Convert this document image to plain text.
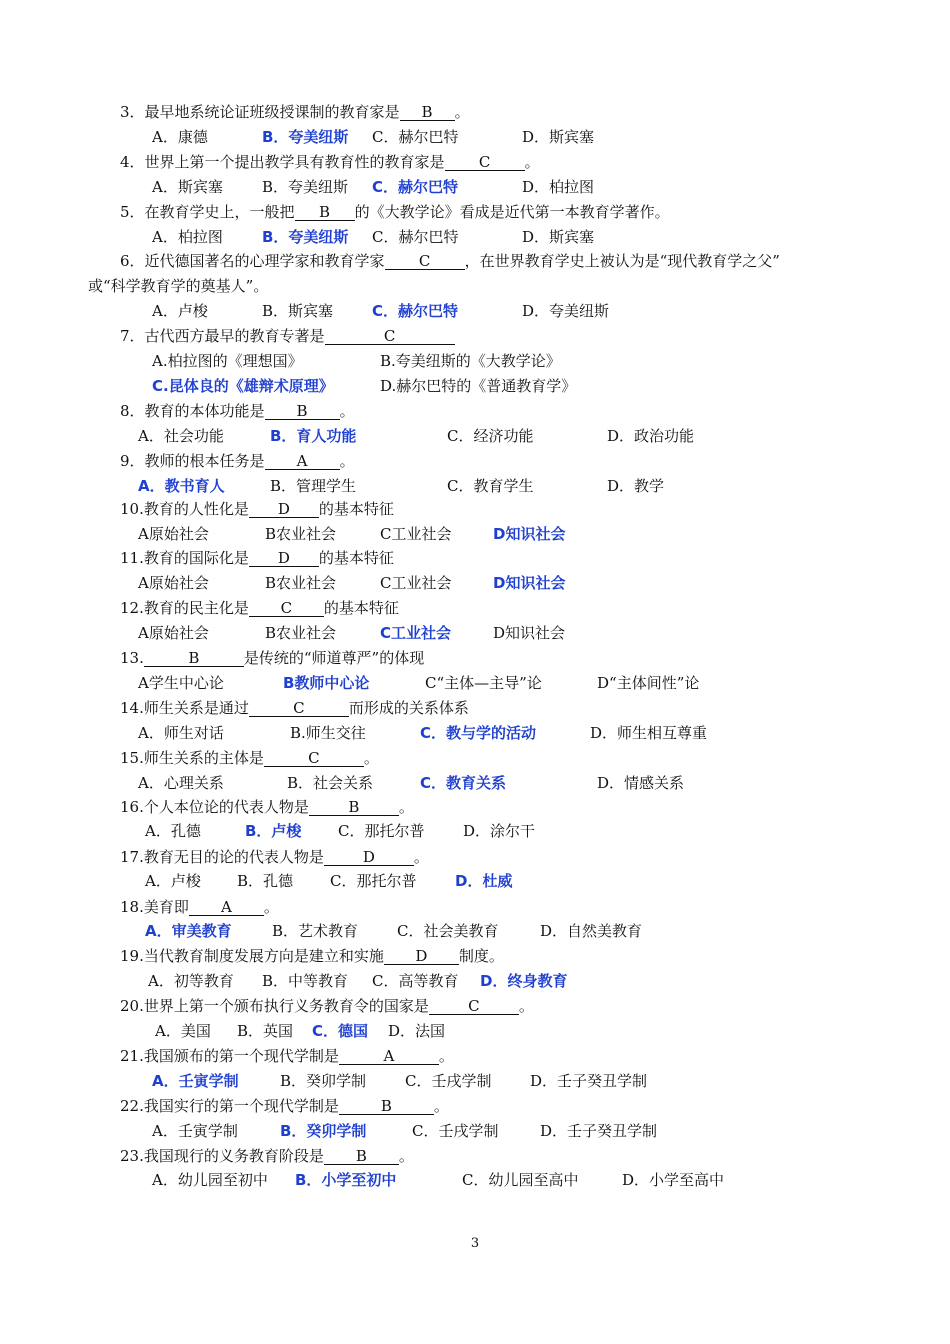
3．最早地系统论证班级授课制的教育家是 B 。
A．康德	B．夸美纽斯 C．赫尔巴特	D．斯宾塞
4．世界上第一个提出教学具有教育性的教育家是 C 。
A．斯宾塞	B．夸美纽斯 C．赫尔巴特	D．柏拉图
5．在教育学史上，一般把 B 的《大教学论》看成是近代第一本教育学著作。
A．柏拉图	B．夸美纽斯 C．赫尔巴特	D．斯宾塞
6．近代德国著名的心理学家和教育学家 C ，在世界教育学史上被认为是“现代教育学之父”
或“科学教育学的奠基人”。
A．卢梭	B．斯宾塞	C．赫尔巴特	D．夸美纽斯
7．古代西方最早的教育专著是	C
A.柏拉图的《理想国》	B.夸美纽斯的《大教学论》
C.昆体良的《雄辩术原理》	D.赫尔巴特的《普通教育学》
8．教育的本体功能是 B 。
A．社会功能	B．育人功能	C．经济功能	D．政治功能
9．教师的根本任务是 A 。
A．教书育人	B．管理学生	C．教育学生	D．教学
10.教育的人性化是 D 的基本特征
A原始社会	B农业社会	C工业社会	D知识社会
11.教育的国际化是 D 的基本特征
A原始社会	B农业社会	C工业社会	D知识社会
12.教育的民主化是 C 的基本特征
A原始社会	B农业社会	C工业社会	D知识社会
13.	B	是传统的“师道尊严”的体现
A学生中心论	B教师中心论	C“主体—主导”论	D“主体间性”论
14.师生关系是通过	C	而形成的关系体系
A．师生对话	B.师生交往	C．教与学的活动	D．师生相互尊重
15.师生关系的主体是	C	。
A．心理关系	B．社会关系	C．教育关系	D．情感关系
16.个人本位论的代表人物是	B	。
A．孔德	B．卢梭 C．那托尔普	D．涂尔干
17.教育无目的论的代表人物是	D	。
A．卢梭 B．孔德 C．那托尔普	D．杜威
18.美育即 A 。
A．审美教育	B．艺术教育	C．社会美教育	D．自然美教育
19.当代教育制度发展方向是建立和实施 D 制度。
A．初等教育 B．中等教育 C．高等教育 D．终身教育
20.世界上第一个颁布执行义务教育令的国家是	C	。
A．美国 B．英国 C．德国 D．法国
21.我国颁布的第一个现代学制是	A	。
A．壬寅学制	B．癸卯学制	C．壬戌学制	D．壬子癸丑学制
22.我国实行的第一个现代学制是	B	。
A．壬寅学制	B．癸卯学制	C．壬戌学制	D．壬子癸丑学制
23.我国现行的义务教育阶段是 B 。
A．幼儿园至初中 B．小学至初中	C．幼儿园至高中	D．小学至高中
3
